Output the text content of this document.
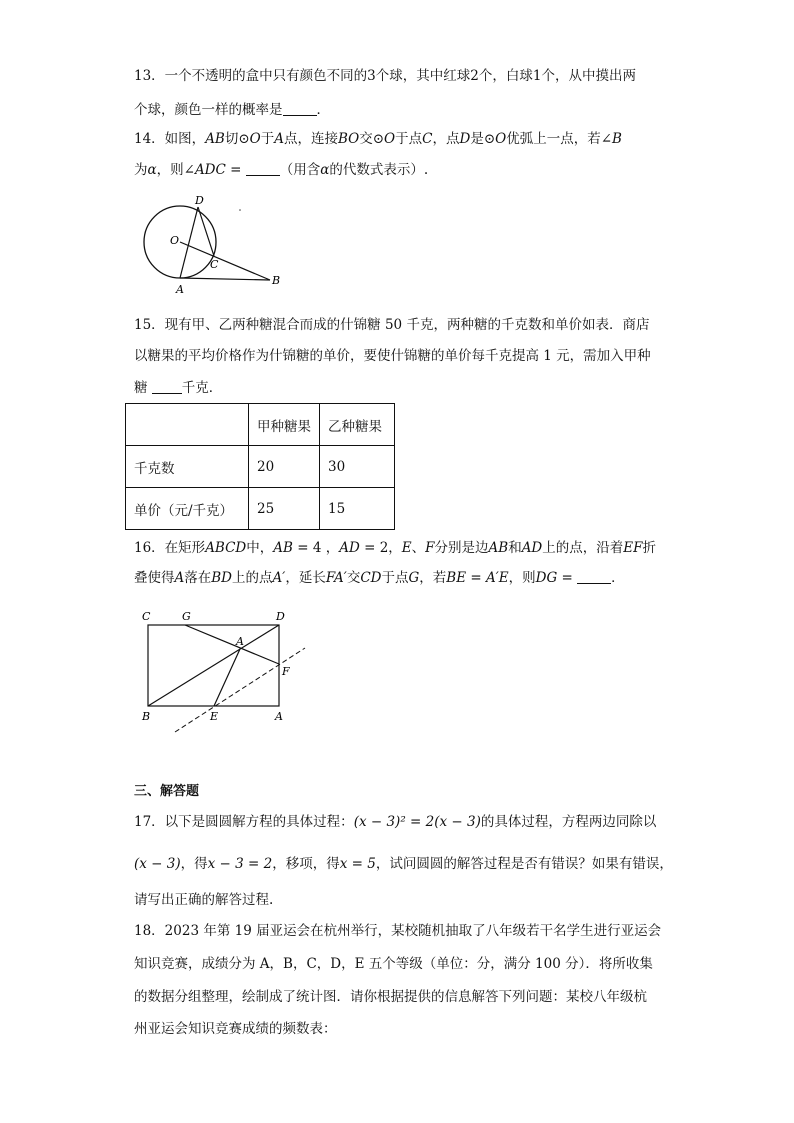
13．一个不透明的盒中只有颜色不同的3个球，其中红球2个，白球1个，从中摸出两
个球，颜色一样的概率是	．
14．如图，AB切⊙O于A点，连接BO交⊙O于点C，点D是⊙O优弧上一点，若∠B
为α，则∠ADC =	（用含α的代数式表示）.
D
O
C
A
B
15．现有甲、乙两种糖混合而成的什锦糖 50 千克，两种糖的千克数和单价如表．商店
以糖果的平均价格作为什锦糖的单价，要使什锦糖的单价每千克提高 1 元，需加入甲种
糖 千克．
	甲种糖果	乙种糖果
千克数	20	30
单价（元/千克）	25	15
16．在矩形ABCD中，AB = 4 ，AD = 2，E、F分别是边AB和AD上的点，沿着EF折
叠使得A落在BD上的点A′，延长FA′交CD于点G，若BE = A′E，则DG =	．
C	G	D
A
F
B	E	A
三、解答题
17．以下是圆圆解方程的具体过程：(x − 3)² = 2(x − 3)的具体过程，方程两边同除以
(x − 3)，得x − 3 = 2，移项，得x = 5，试问圆圆的解答过程是否有错误？如果有错误，
请写出正确的解答过程.
18．2023 年第 19 届亚运会在杭州举行，某校随机抽取了八年级若干名学生进行亚运会
知识竞赛，成绩分为 A，B，C，D，E 五个等级（单位：分，满分 100 分）．将所收集
的数据分组整理，绘制成了统计图．请你根据提供的信息解答下列问题：某校八年级杭
州亚运会知识竞赛成绩的频数表：
